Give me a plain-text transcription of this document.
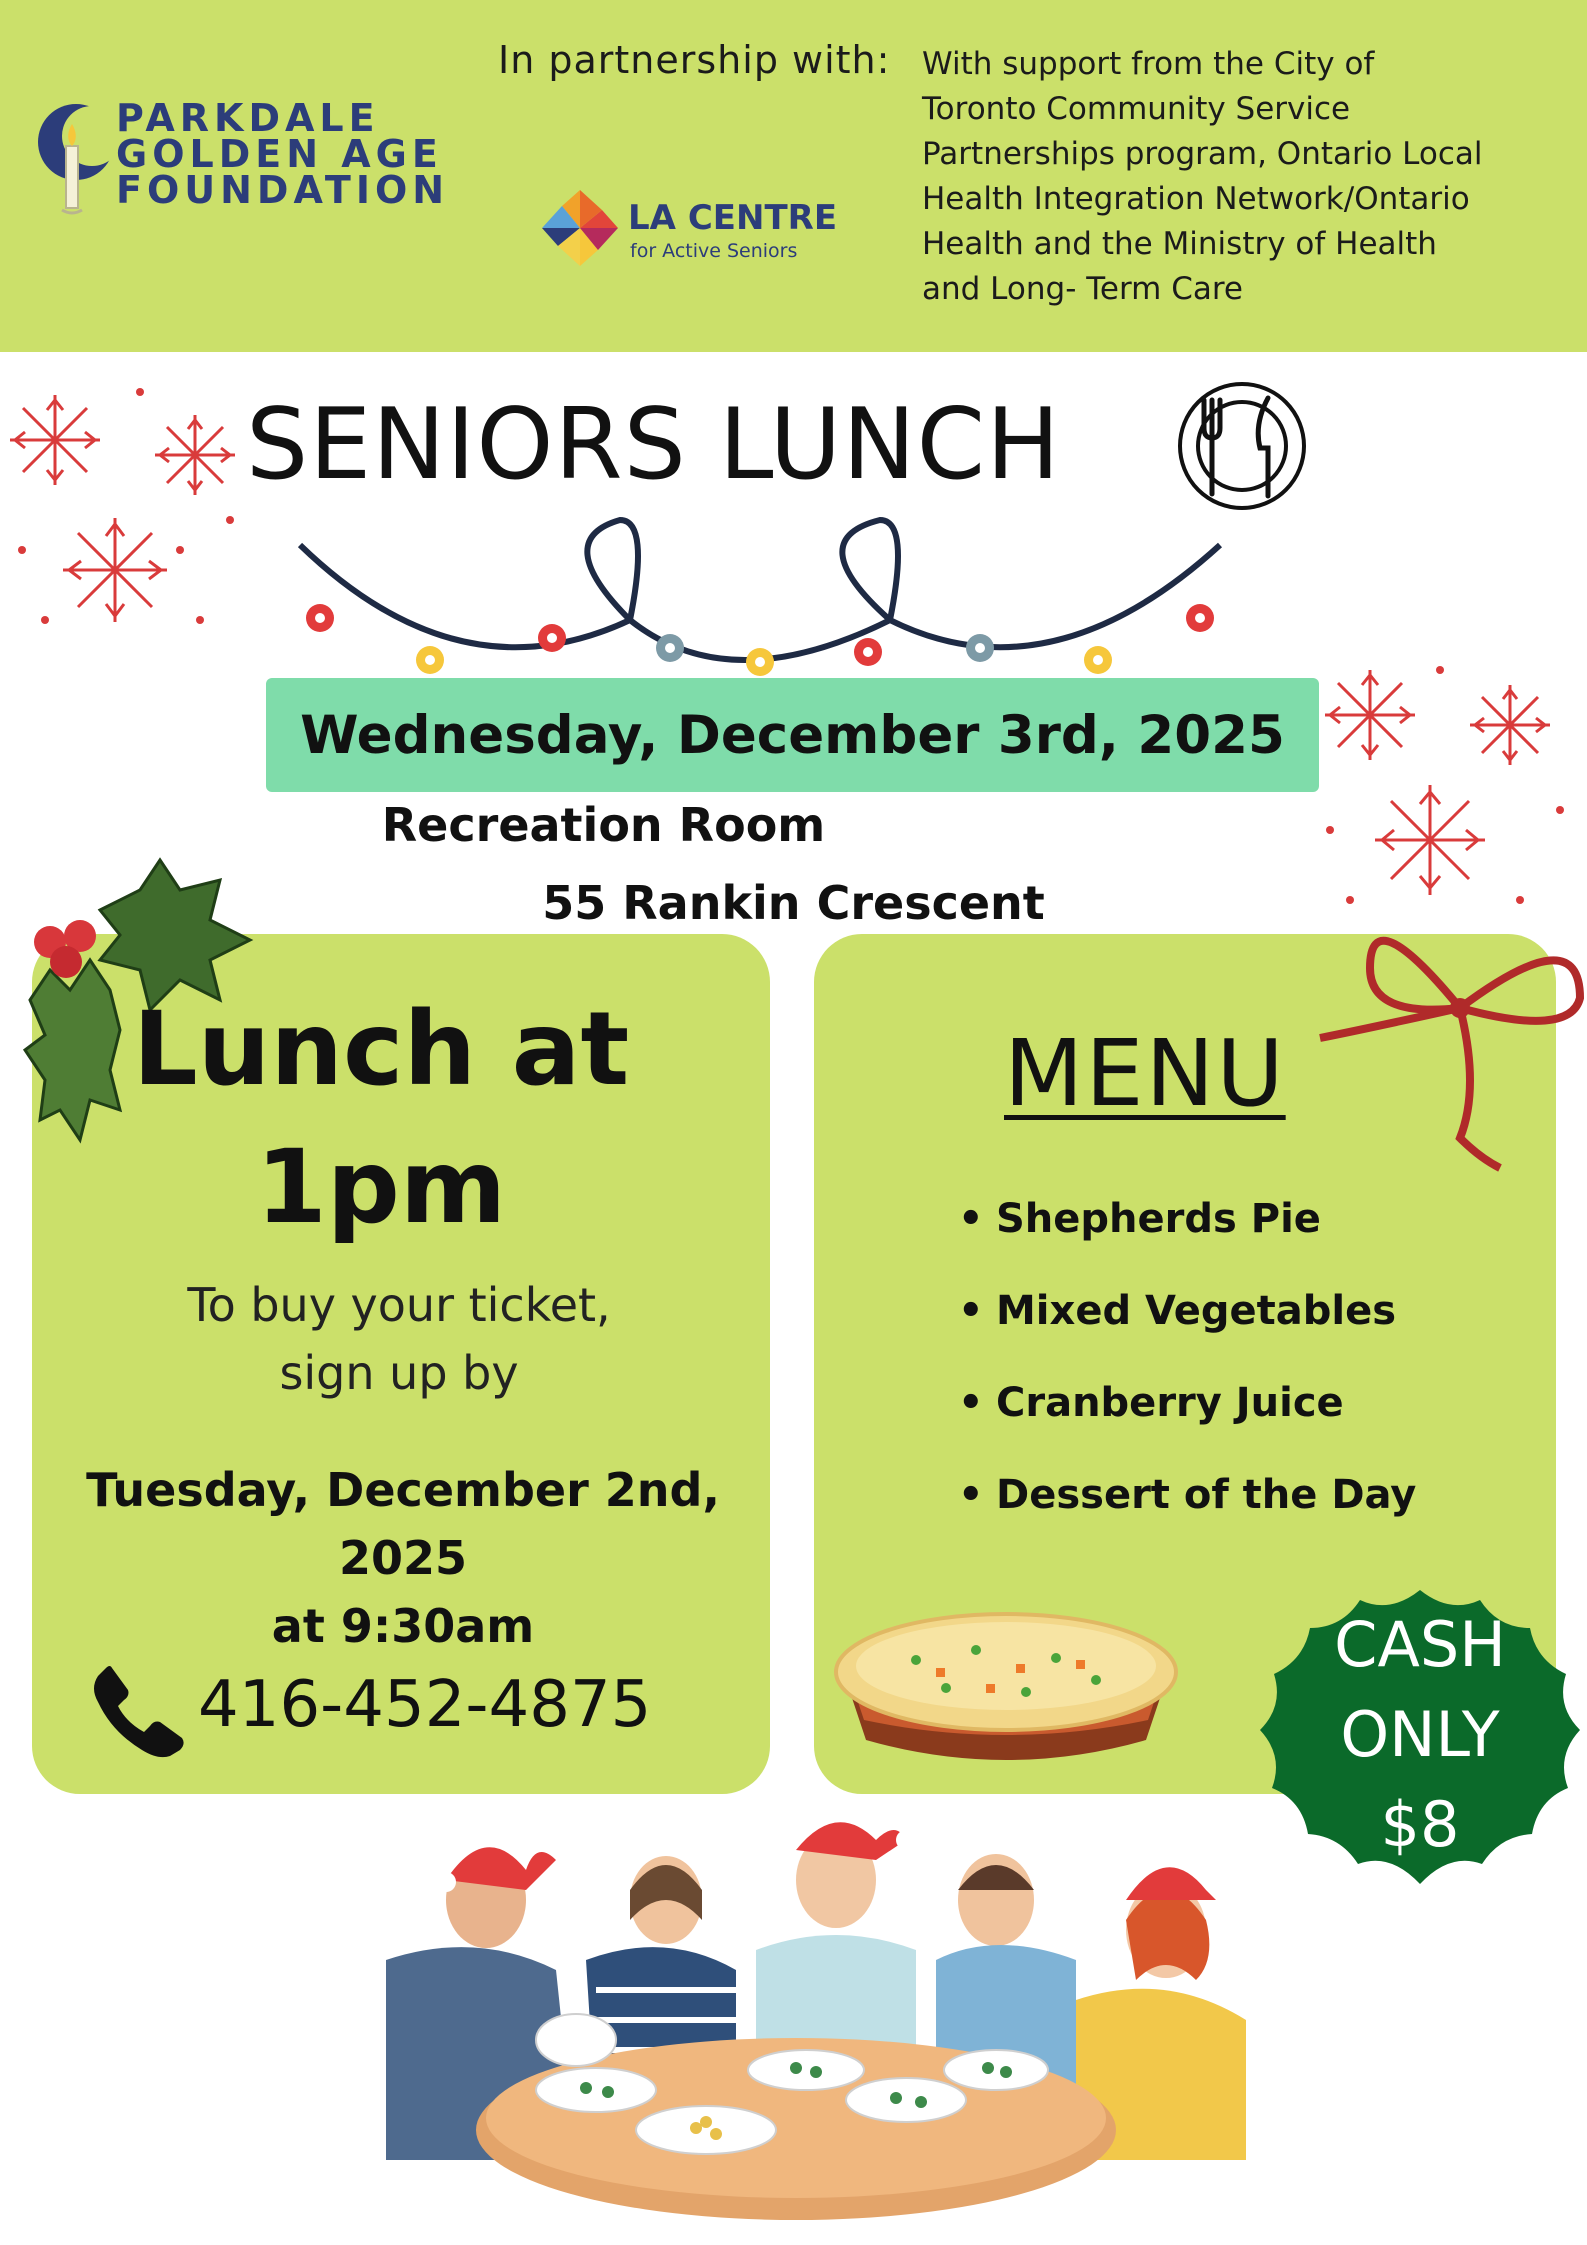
In partnership with:
PARKDALE
GOLDEN AGE
FOUNDATION
LA CENTRE
for Active Seniors
With support from the City of
Toronto Community Service
Partnerships program, Ontario Local
Health Integration Network/Ontario
Health and the Ministry of Health
and Long- Term Care
SENIORS LUNCH
Wednesday, December 3rd, 2025
Recreation Room
55 Rankin Crescent
Lunch at
1pm
To buy your ticket,
sign up by
Tuesday, December 2nd,
2025
at 9:30am
416-452-4875
MENU
• Shepherds Pie
• Mixed Vegetables
• Cranberry Juice
• Dessert of the Day
CASH
ONLY
$8
